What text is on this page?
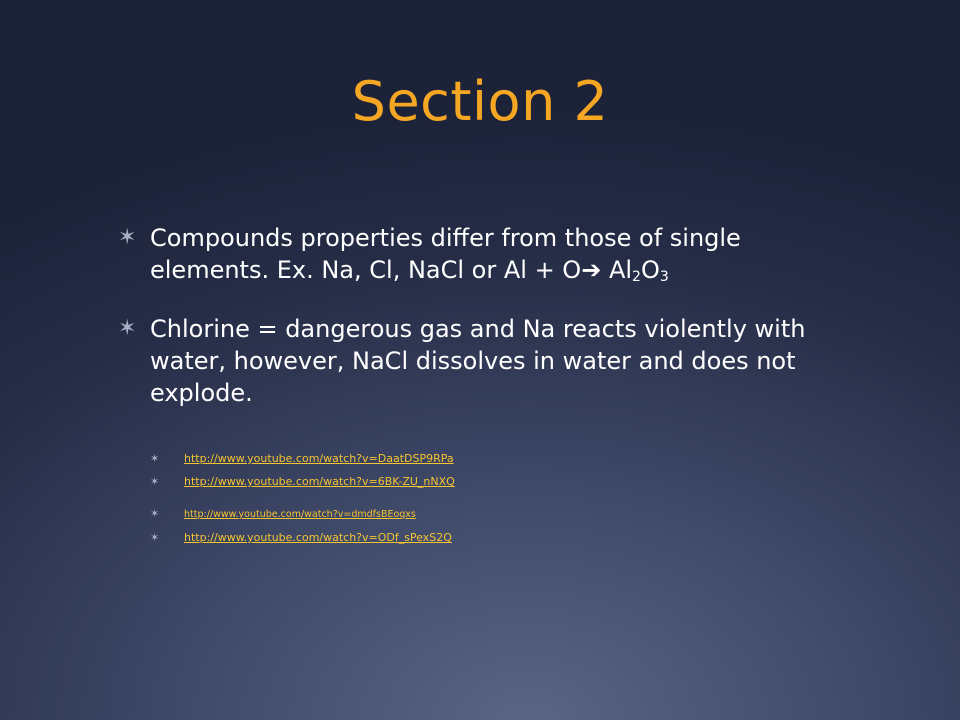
Section 2
✶ Compounds properties differ from those of single
elements. Ex. Na, Cl, NaCl or Al + O➔ $Al_2O_3$
✶ Chlorine = dangerous gas and Na reacts violently with water, however, NaCl dissolves in water and does not explode.
✶ http://www.youtube.com/watch?v=DaatDSP9RPa
✶ http://www.youtube.com/watch?v=6BK-ZU_nNXQ
✶	http://www.youtube.com/watch?v=dmdfsBEoqxs
✶ http://www.youtube.com/watch?v=ODf_sPexS2Q
